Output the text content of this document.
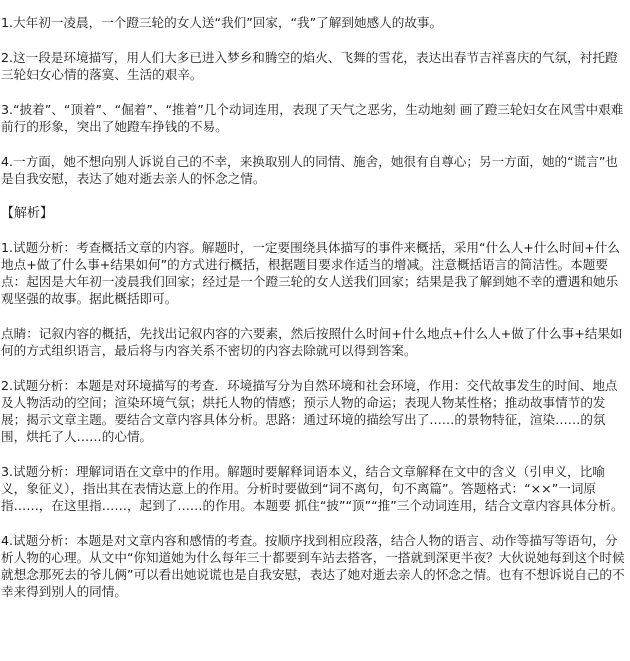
1.大年初一凌晨，一个蹬三轮的女人送“我们”回家，“我”了解到她感人的故事。

2.这一段是环境描写，用人们大多已进入梦乡和腾空的焰火、飞舞的雪花，表达出春节吉祥喜庆的气氛，衬托蹬三轮妇女心情的落寞、生活的艰辛。

3.“披着”、“顶着”、“倔着”、“推着”几个动词连用，表现了天气之恶劣，生动地刻 画了蹬三轮妇女在风雪中艰难前行的形象，突出了她蹬车挣钱的不易。

4.一方面，她不想向别人诉说自己的不幸，来换取别人的同情、施舍，她很有自尊心；另一方面，她的“谎言”也是自我安慰，表达了她对逝去亲人的怀念之情。

【解析】

1.试题分析：考查概括文章的内容。解题时，一定要围绕具体描写的事件来概括，采用“什么人+什么时间+什么地点+做了什么事+结果如何”的方式进行概括，根据题目要求作适当的增减。注意概括语言的简洁性。本题要点：起因是大年初一凌晨我们回家；经过是一个蹬三轮的女人送我们回家；结果是我了解到她不幸的遭遇和她乐观坚强的故事。据此概括即可。

点睛：记叙内容的概括，先找出记叙内容的六要素，然后按照什么时间+什么地点+什么人+做了什么事+结果如何的方式组织语言，最后将与内容关系不密切的内容去除就可以得到答案。

2.试题分析：本题是对环境描写的考查．环境描写分为自然环境和社会环境，作用：交代故事发生的时间、地点及人物活动的空间；渲染环境气氛；烘托人物的情感；预示人物的命运；表现人物某性格；推动故事情节的发展；揭示文章主题。要结合文章内容具体分析。思路：通过环境的描绘写出了……的景物特征，渲染……的氛围，烘托了人……的心情。

3.试题分析：理解词语在文章中的作用。解题时要解释词语本义，结合文章解释在文中的含义（引申义，比喻义，象征义），指出其在表情达意上的作用。分析时要做到“词不离句，句不离篇”。答题格式：“××”一词原指……，在这里指……，起到了……的作用。本题要 抓住“披”“顶”“推”三个动词连用，结合文章内容具体分析。

4.试题分析：本题是对文章内容和感情的考查。按顺序找到相应段落，结合人物的语言、动作等描写等语句，分析人物的心理。从文中“你知道她为什么每年三十都要到车站去搭客，一搭就到深更半夜？大伙说她每到这个时候就想念那死去的爷儿俩”可以看出她说谎也是自我安慰，表达了她对逝去亲人的怀念之情。也有不想诉说自己的不幸来得到别人的同情。
